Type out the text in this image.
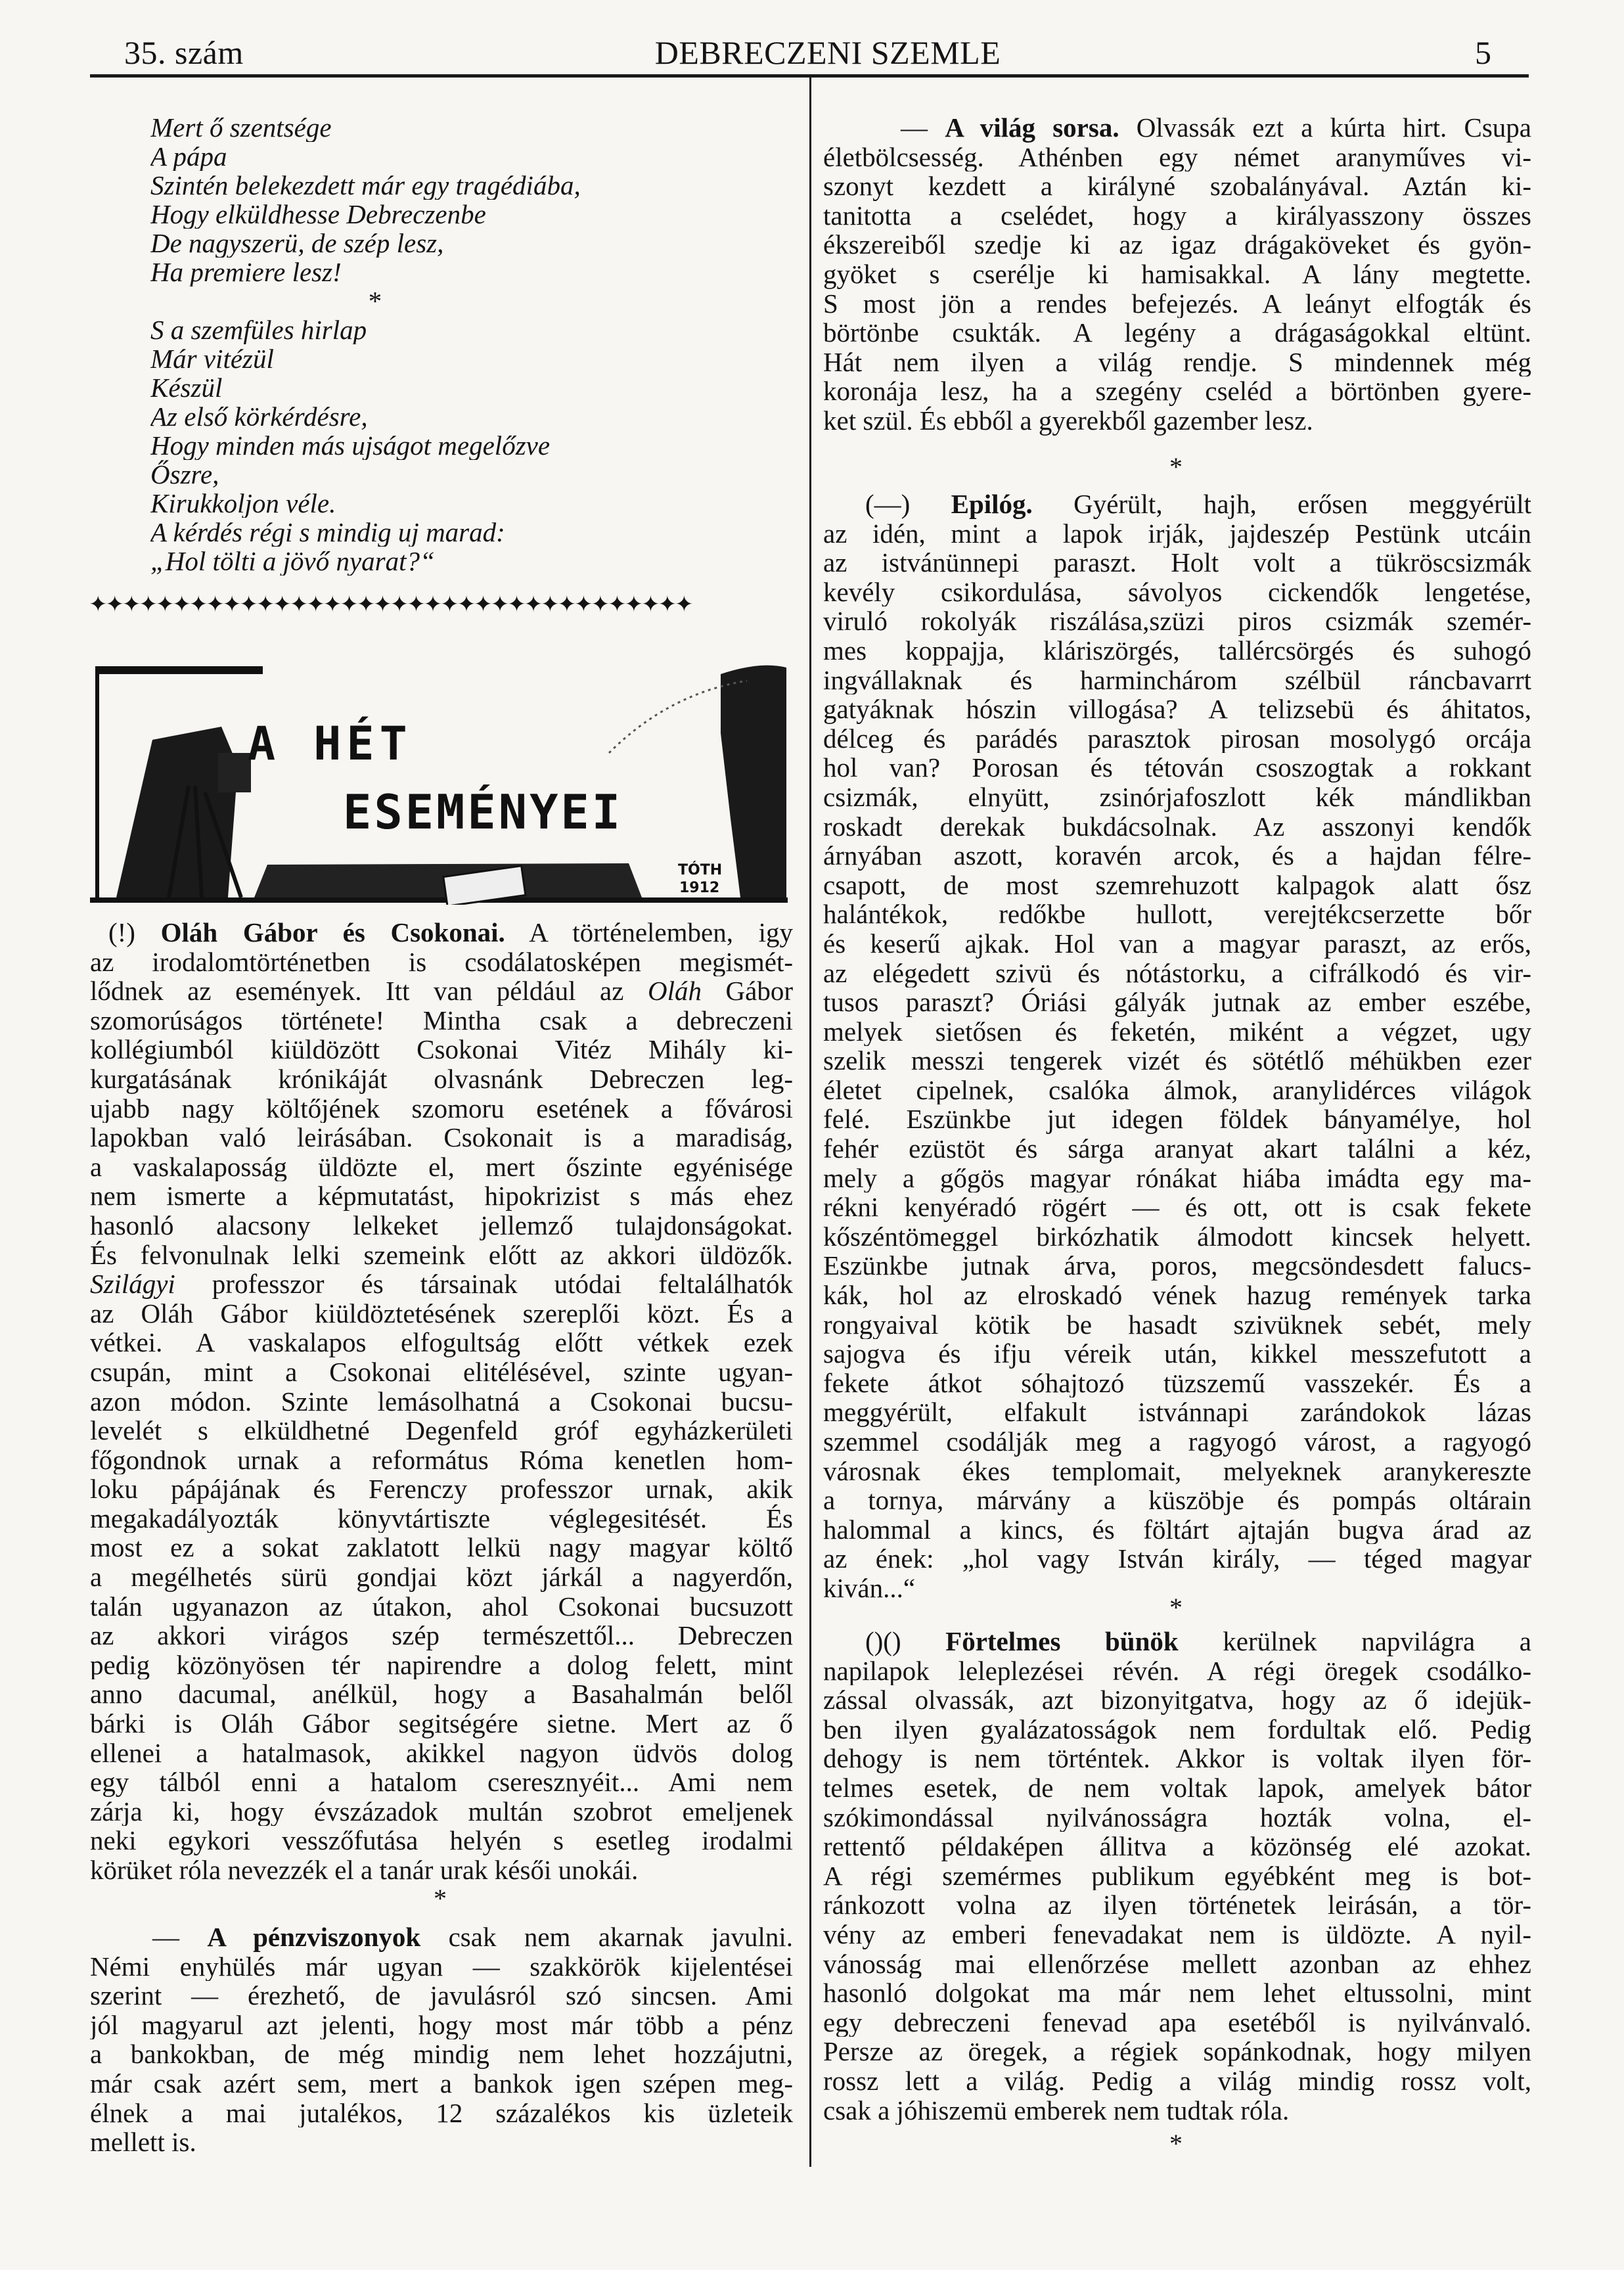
35. szám	DEBRECZENI SZEMLE	5
Mert ő szentsége
A pápa
Szintén belekezdett már egy tragédiába,
Hogy elküldhesse Debreczenbe
De nagyszerü, de szép lesz,
Ha premiere lesz!
*
S a szemfüles hirlap
Már vitézül
Készül
Az első körkérdésre,
Hogy minden más ujságot megelőzve
Őszre,
Kirukkoljon véle.
A kérdés régi s mindig uj marad:
„Hol tölti a jövő nyarat?“
✦✦✦✦✦✦✦✦✦✦✦✦✦✦✦✦✦✦✦✦✦✦✦✦✦✦✦✦✦✦✦✦✦✦✦✦
A HÉT
ESEMÉNYEI
TÓTH
1912
(!) Oláh Gábor és Csokonai. A történelemben, igy
az irodalomtörténetben is csodálatosképen megismét-
lődnek az események. Itt van például az Oláh Gábor
szomorúságos története! Mintha csak a debreczeni
kollégiumból kiüldözött Csokonai Vitéz Mihály ki-
kurgatásának krónikáját olvasnánk Debreczen leg-
ujabb nagy költőjének szomoru esetének a fővárosi
lapokban való leirásában. Csokonait is a maradiság,
a vaskalaposság üldözte el, mert őszinte egyénisége
nem ismerte a képmutatást, hipokrizist s más ehez
hasonló alacsony lelkeket jellemző tulajdonságokat.
És felvonulnak lelki szemeink előtt az akkori üldözők.
Szilágyi professzor és társainak utódai feltalálhatók
az Oláh Gábor kiüldöztetésének szereplői közt. És a
vétkei. A vaskalapos elfogultság előtt vétkek ezek
csupán, mint a Csokonai elitélésével, szinte ugyan-
azon módon. Szinte lemásolhatná a Csokonai bucsu-
levelét s elküldhetné Degenfeld gróf egyházkerületi
főgondnok urnak a református Róma kenetlen hom-
loku pápájának és Ferenczy professzor urnak, akik
megakadályozták könyvtártiszte véglegesitését. És
most ez a sokat zaklatott lelkü nagy magyar költő
a megélhetés sürü gondjai közt járkál a nagyerdőn,
talán ugyanazon az útakon, ahol Csokonai bucsuzott
az akkori virágos szép természettől... Debreczen
pedig közönyösen tér napirendre a dolog felett, mint
anno dacumal, anélkül, hogy a Basahalmán belől
bárki is Oláh Gábor segitségére sietne. Mert az ő
ellenei a hatalmasok, akikkel nagyon üdvös dolog
egy tálból enni a hatalom cseresznyéit... Ami nem
zárja ki, hogy évszázadok multán szobrot emeljenek
neki egykori vesszőfutása helyén s esetleg irodalmi
körüket róla nevezzék el a tanár urak késői unokái.
*
— A pénzviszonyok csak nem akarnak javulni.
Némi enyhülés már ugyan — szakkörök kijelentései
szerint — érezhető, de javulásról szó sincsen. Ami
jól magyarul azt jelenti, hogy most már több a pénz
a bankokban, de még mindig nem lehet hozzájutni,
már csak azért sem, mert a bankok igen szépen meg-
élnek a mai jutalékos, 12 százalékos kis üzleteik
mellett is.
— A világ sorsa. Olvassák ezt a kúrta hirt. Csupa
életbölcsesség. Athénben egy német aranyműves vi-
szonyt kezdett a királyné szobalányával. Aztán ki-
tanitotta a cselédet, hogy a királyasszony összes
ékszereiből szedje ki az igaz drágaköveket és gyön-
gyöket s cserélje ki hamisakkal. A lány megtette.
S most jön a rendes befejezés. A leányt elfogták és
börtönbe csukták. A legény a drágaságokkal eltünt.
Hát nem ilyen a világ rendje. S mindennek még
koronája lesz, ha a szegény cseléd a börtönben gyere-
ket szül. És ebből a gyerekből gazember lesz.
*
(—) Epilóg. Gyérült, hajh, erősen meggyérült
az idén, mint a lapok irják, jajdeszép Pestünk utcáin
az istvánünnepi paraszt. Holt volt a tükröscsizmák
kevély csikordulása, sávolyos cickendők lengetése,
viruló rokolyák riszálása,szüzi piros csizmák szemér-
mes koppajja, kláriszörgés, tallércsörgés és suhogó
ingvállaknak és harminchárom szélbül ráncbavarrt
gatyáknak hószin villogása? A telizsebü és áhitatos,
délceg és parádés parasztok pirosan mosolygó orcája
hol van? Porosan és tétován csoszogtak a rokkant
csizmák, elnyütt, zsinórjafoszlott kék mándlikban
roskadt derekak bukdácsolnak. Az asszonyi kendők
árnyában aszott, koravén arcok, és a hajdan félre-
csapott, de most szemrehuzott kalpagok alatt ősz
halántékok, redőkbe hullott, verejtékcserzette bőr
és keserű ajkak. Hol van a magyar paraszt, az erős,
az elégedett szivü és nótástorku, a cifrálkodó és vir-
tusos paraszt? Óriási gályák jutnak az ember eszébe,
melyek sietősen és feketén, miként a végzet, ugy
szelik messzi tengerek vizét és sötétlő méhükben ezer
életet cipelnek, csalóka álmok, aranylidérces világok
felé. Eszünkbe jut idegen földek bányamélye, hol
fehér ezüstöt és sárga aranyat akart találni a kéz,
mely a gőgös magyar rónákat hiába imádta egy ma-
rékni kenyéradó rögért — és ott, ott is csak fekete
kőszéntömeggel birkózhatik álmodott kincsek helyett.
Eszünkbe jutnak árva, poros, megcsöndesdett falucs-
kák, hol az elroskadó vének hazug remények tarka
rongyaival kötik be hasadt szivüknek sebét, mely
sajogva és ifju véreik után, kikkel messzefutott a
fekete átkot sóhajtozó tüzszemű vasszekér. És a
meggyérült, elfakult istvánnapi zarándokok lázas
szemmel csodálják meg a ragyogó várost, a ragyogó
városnak ékes templomait, melyeknek aranykereszte
a tornya, márvány a küszöbje és pompás oltárain
halommal a kincs, és föltárt ajtaján bugva árad az
az ének: „hol vagy István király, — téged magyar
kiván...“
*
()() Förtelmes bünök kerülnek napvilágra a
napilapok leleplezései révén. A régi öregek csodálko-
zással olvassák, azt bizonyitgatva, hogy az ő idejük-
ben ilyen gyalázatosságok nem fordultak elő. Pedig
dehogy is nem történtek. Akkor is voltak ilyen för-
telmes esetek, de nem voltak lapok, amelyek bátor
szókimondással nyilvánosságra hozták volna, el-
rettentő példaképen állitva a közönség elé azokat.
A régi szemérmes publikum egyébként meg is bot-
ránkozott volna az ilyen történetek leirásán, a tör-
vény az emberi fenevadakat nem is üldözte. A nyil-
vánosság mai ellenőrzése mellett azonban az ehhez
hasonló dolgokat ma már nem lehet eltussolni, mint
egy debreczeni fenevad apa esetéből is nyilvánvaló.
Persze az öregek, a régiek sopánkodnak, hogy milyen
rossz lett a világ. Pedig a világ mindig rossz volt,
csak a jóhiszemü emberek nem tudtak róla.
*
